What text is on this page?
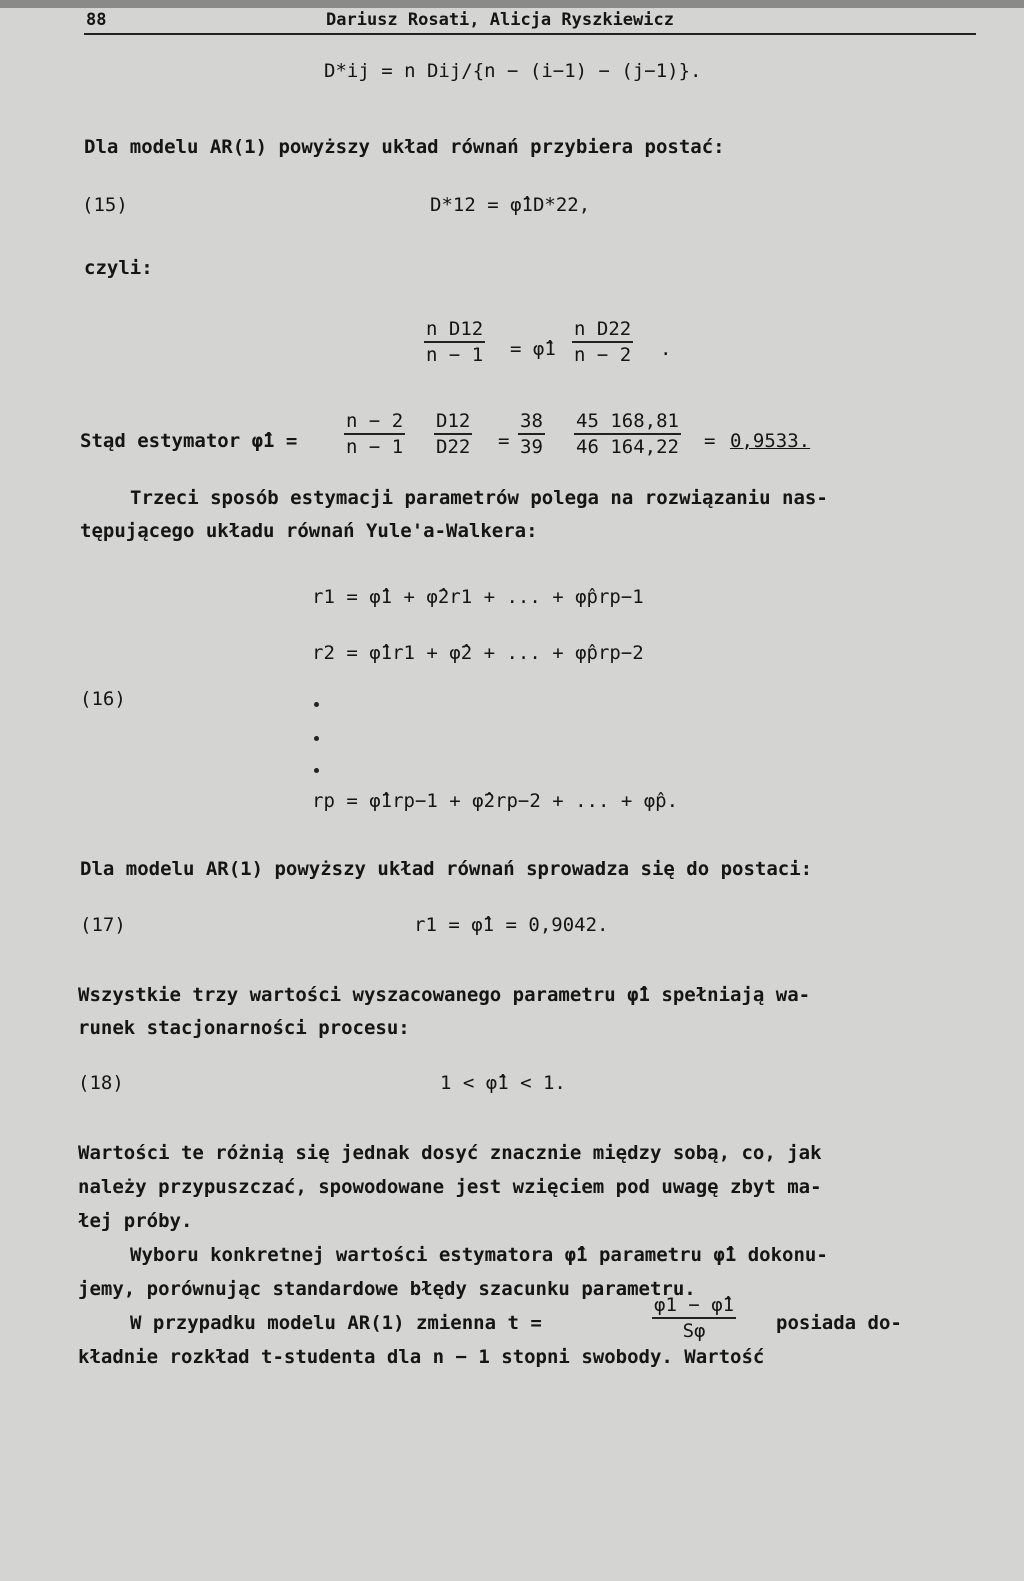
88	Dariusz Rosati, Alicja Ryszkiewicz
D*ij = n Dij/{n − (i−1) − (j−1)}.
Dla modelu AR(1) powyższy układ równań przybiera postać:
(15)	D*12 = φ̂1D*22,
czyli:
$\frac{\text{n D12}}{n - 1}$ = φ̂1 $\frac{\text{n D22}}{n - 2}$ .
Stąd estymator φ̂1 = $\frac{n - 2}{n - 1} \frac{D12}{D22} = \frac{38}{39} \frac{45 168,81}{46 164,22} = 0,9533$.
Trzeci sposób estymacji parametrów polega na rozwiązaniu nas-
tępującego układu równań Yule'a-Walkera:
r1 = φ̂1 + φ̂2r1 + ... + φ̂prp−1
r2 = φ̂1r1 + φ̂2 + ... + φ̂prp−2
(16)
rp = φ̂1rp−1 + φ̂2rp−2 + ... + φ̂p.
Dla modelu AR(1) powyższy układ równań sprowadza się do postaci:
(17)	r1 = φ̂1 = 0,9042.
Wszystkie trzy wartości wyszacowanego parametru φ̂1 spełniają wa-
runek stacjonarności procesu:
(18)	1 < φ̂1 < 1.
Wartości te różnią się jednak dosyć znacznie między sobą, co, jak
należy przypuszczać, spowodowane jest wzięciem pod uwagę zbyt ma-
łej próby.
Wyboru konkretnej wartości estymatora φ̂1 parametru φ̂1 dokonu-
jemy, porównując standardowe błędy szacunku parametru.
W przypadku modelu AR(1) zmienna t =	$\frac{\varphi 1 - \varphî1}{S\varphi}$ posiada do-
kładnie rozkład t-studenta dla n − 1 stopni swobody. Wartość
